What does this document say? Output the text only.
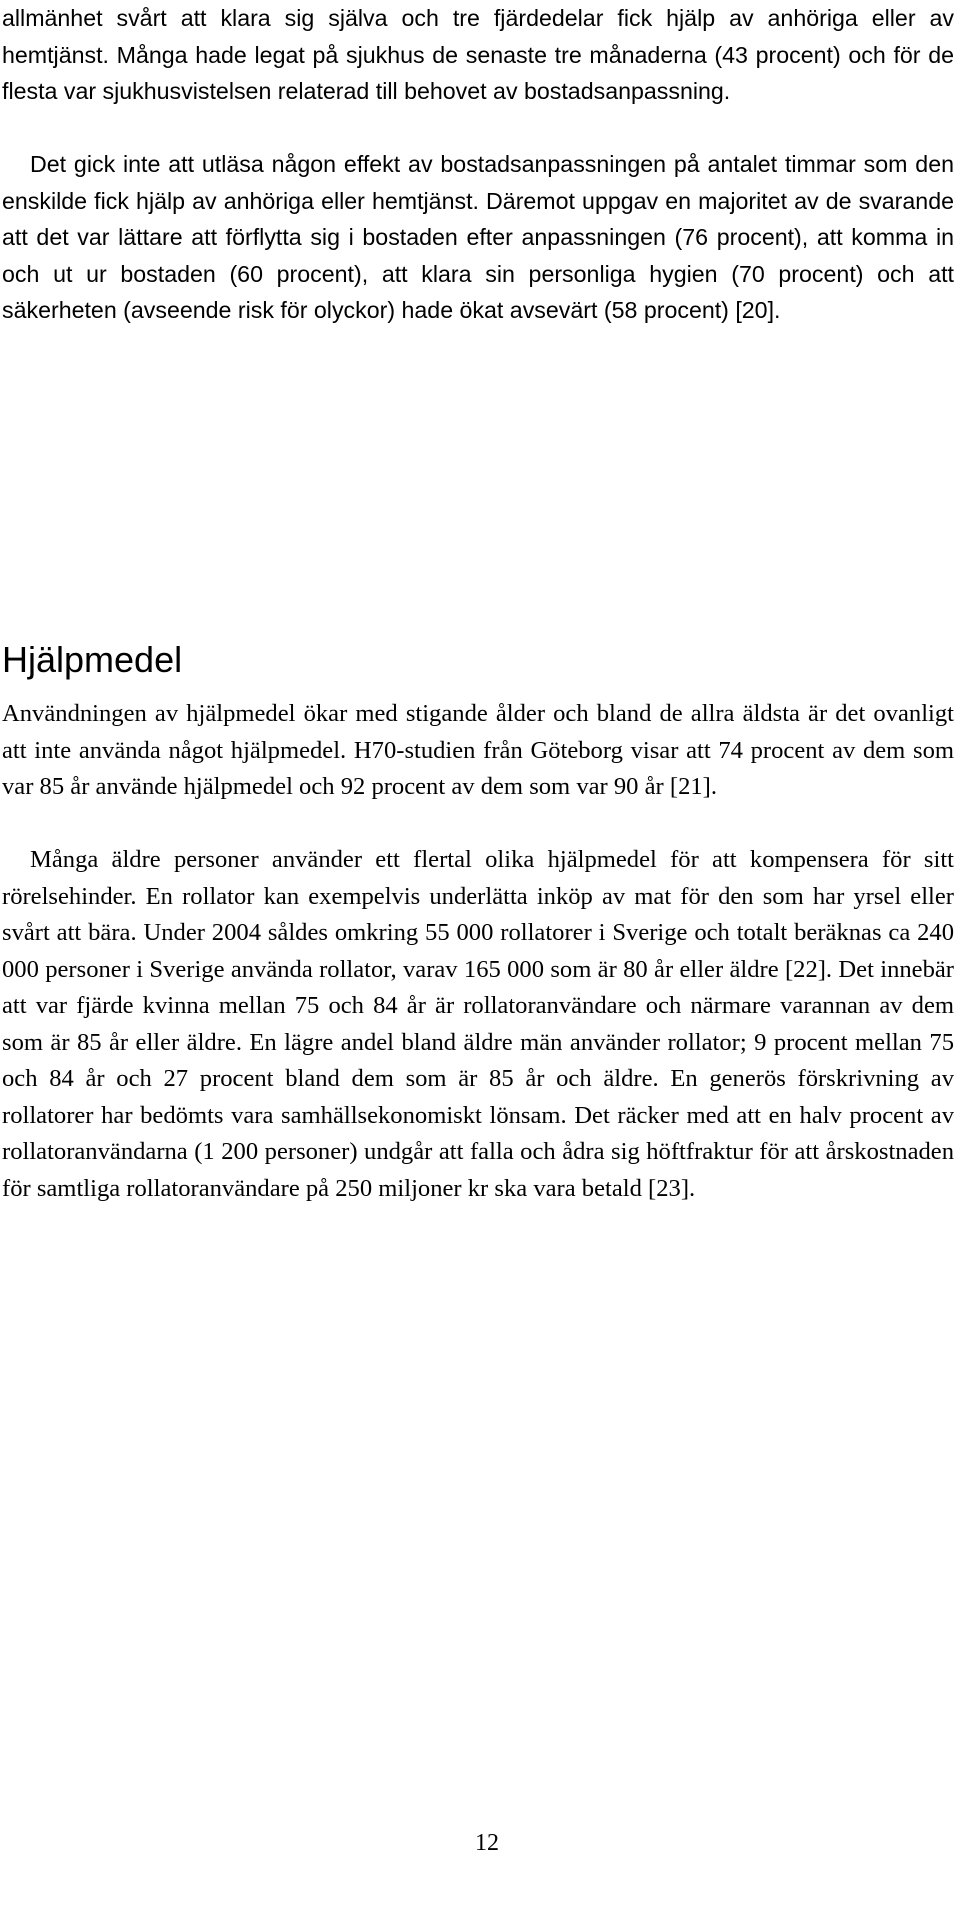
allmänhet svårt att klara sig själva och tre fjärdedelar fick hjälp av anhöriga eller av hemtjänst. Många hade legat på sjukhus de senaste tre månaderna (43 procent) och för de flesta var sjukhusvistelsen relaterad till behovet av bostadsanpassning.

Det gick inte att utläsa någon effekt av bostadsanpassningen på antalet timmar som den enskilde fick hjälp av anhöriga eller hemtjänst. Däremot uppgav en majoritet av de svarande att det var lättare att förflytta sig i bostaden efter anpassningen (76 procent), att komma in och ut ur bostaden (60 procent), att klara sin personliga hygien (70 procent) och att säkerheten (avseende risk för olyckor) hade ökat avsevärt (58 procent) [20].

Hjälpmedel

Användningen av hjälpmedel ökar med stigande ålder och bland de allra äldsta är det ovanligt att inte använda något hjälpmedel. H70-studien från Göteborg visar att 74 procent av dem som var 85 år använde hjälpmedel och 92 procent av dem som var 90 år [21].

Många äldre personer använder ett flertal olika hjälpmedel för att kompensera för sitt rörelsehinder. En rollator kan exempelvis underlätta inköp av mat för den som har yrsel eller svårt att bära. Under 2004 såldes omkring 55 000 rollatorer i Sverige och totalt beräknas ca 240 000 personer i Sverige använda rollator, varav 165 000 som är 80 år eller äldre [22]. Det innebär att var fjärde kvinna mellan 75 och 84 år är rollatoranvändare och närmare varannan av dem som är 85 år eller äldre. En lägre andel bland äldre män använder rollator; 9 procent mellan 75 och 84 år och 27 procent bland dem som är 85 år och äldre. En generös förskrivning av rollatorer har bedömts vara samhällsekonomiskt lönsam. Det räcker med att en halv procent av rollatoranvändarna (1 200 personer) undgår att falla och ådra sig höftfraktur för att årskostnaden för samtliga rollatoranvändare på 250 miljoner kr ska vara betald [23].

12
